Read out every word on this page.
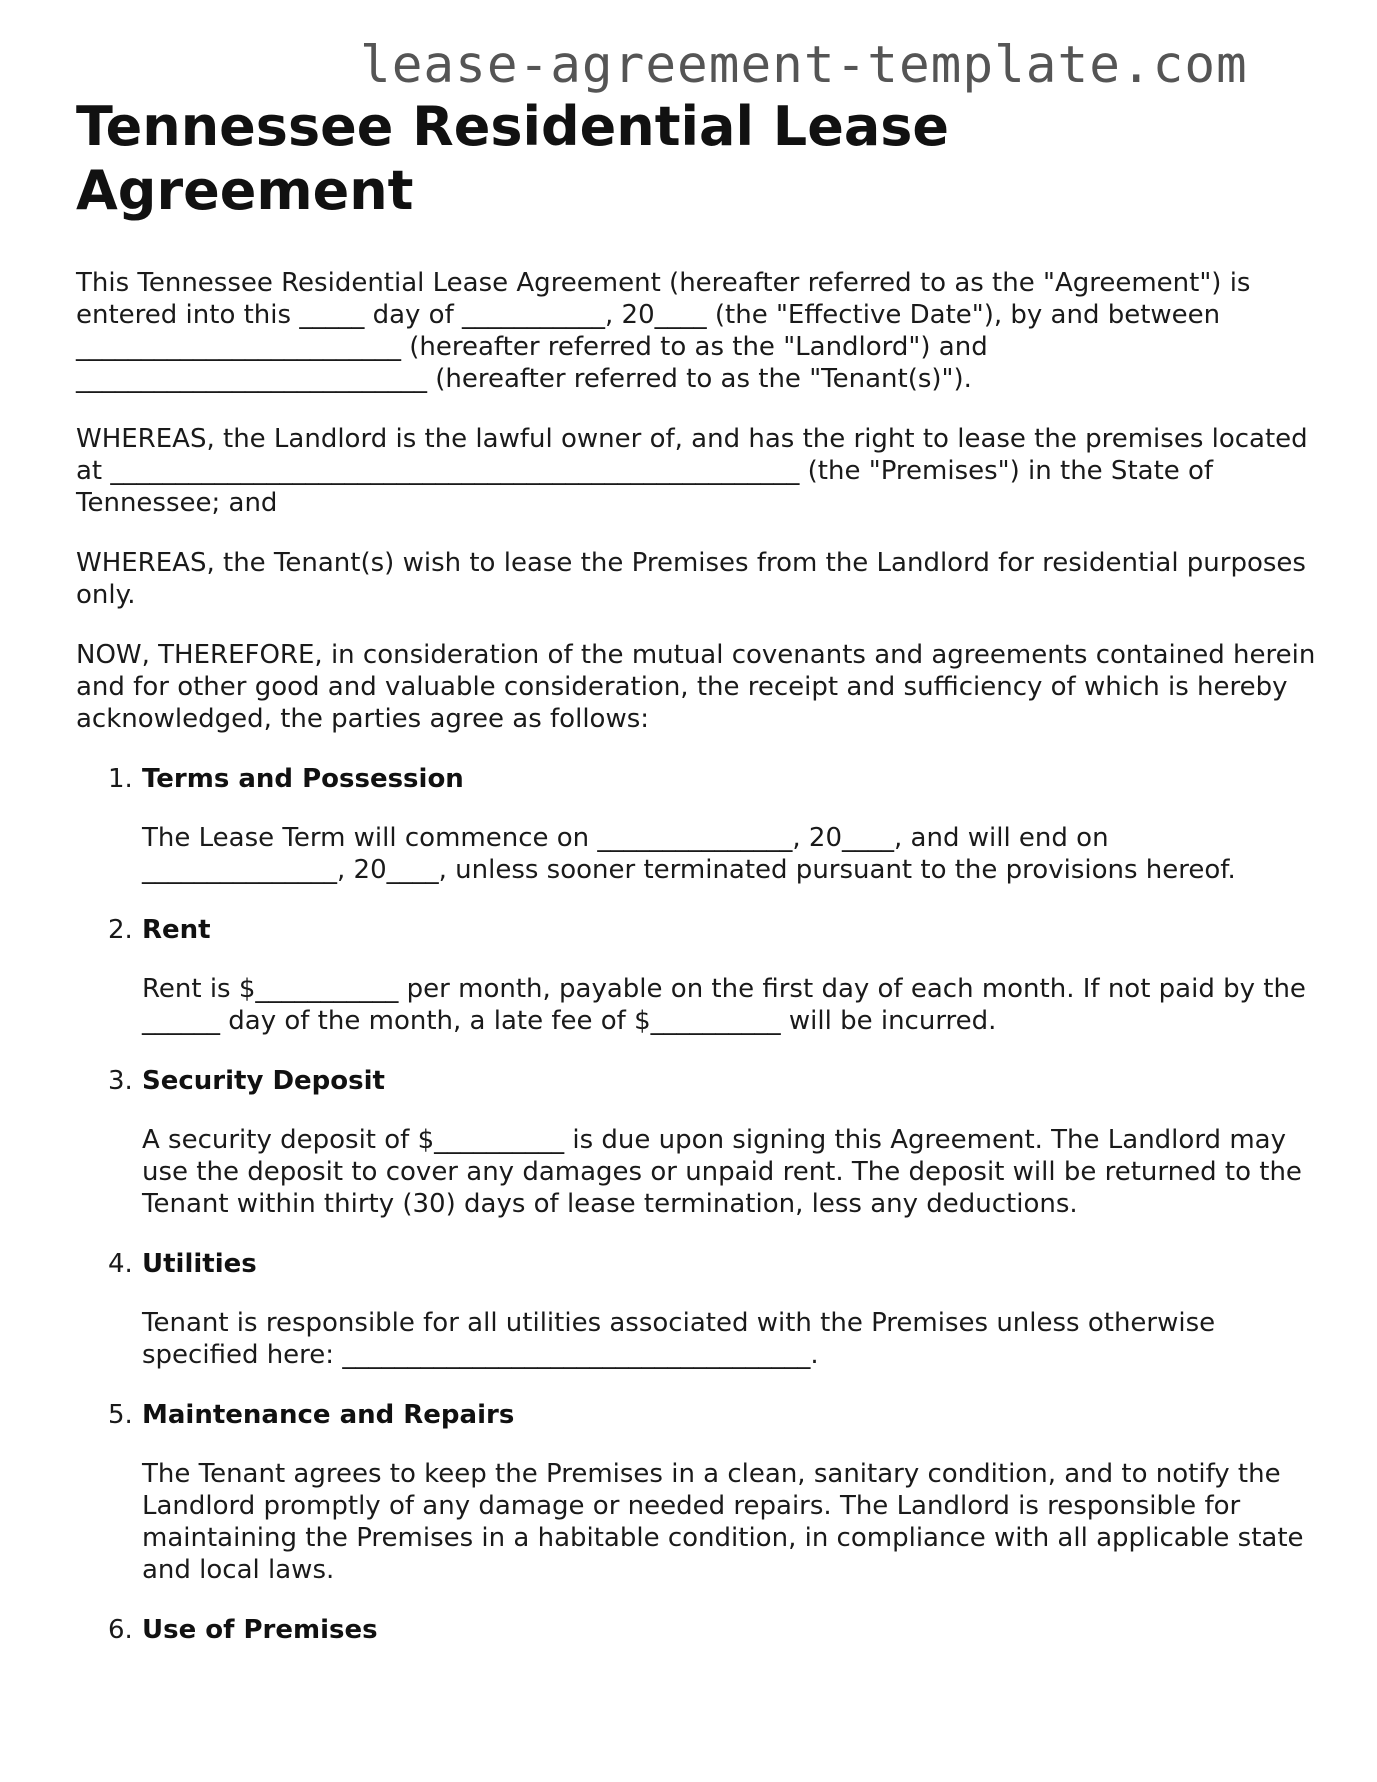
lease-agreement-template.com
Tennessee Residential Lease Agreement

This Tennessee Residential Lease Agreement (hereafter referred to as the "Agreement") is entered into this _____ day of ___________, 20____ (the "Effective Date"), by and between _________________________ (hereafter referred to as the "Landlord") and ___________________________ (hereafter referred to as the "Tenant(s)").

WHEREAS, the Landlord is the lawful owner of, and has the right to lease the premises located at _____________________________________________________ (the "Premises") in the State of Tennessee; and

WHEREAS, the Tenant(s) wish to lease the Premises from the Landlord for residential purposes only.

NOW, THEREFORE, in consideration of the mutual covenants and agreements contained herein and for other good and valuable consideration, the receipt and sufficiency of which is hereby acknowledged, the parties agree as follows:

1. Terms and Possession

The Lease Term will commence on _______________, 20____, and will end on _______________, 20____, unless sooner terminated pursuant to the provisions hereof.

2. Rent

Rent is $___________ per month, payable on the first day of each month. If not paid by the ______ day of the month, a late fee of $__________ will be incurred.

3. Security Deposit

A security deposit of $__________ is due upon signing this Agreement. The Landlord may use the deposit to cover any damages or unpaid rent. The deposit will be returned to the Tenant within thirty (30) days of lease termination, less any deductions.

4. Utilities

Tenant is responsible for all utilities associated with the Premises unless otherwise specified here: ____________________________________.

5. Maintenance and Repairs

The Tenant agrees to keep the Premises in a clean, sanitary condition, and to notify the Landlord promptly of any damage or needed repairs. The Landlord is responsible for maintaining the Premises in a habitable condition, in compliance with all applicable state and local laws.

6. Use of Premises
